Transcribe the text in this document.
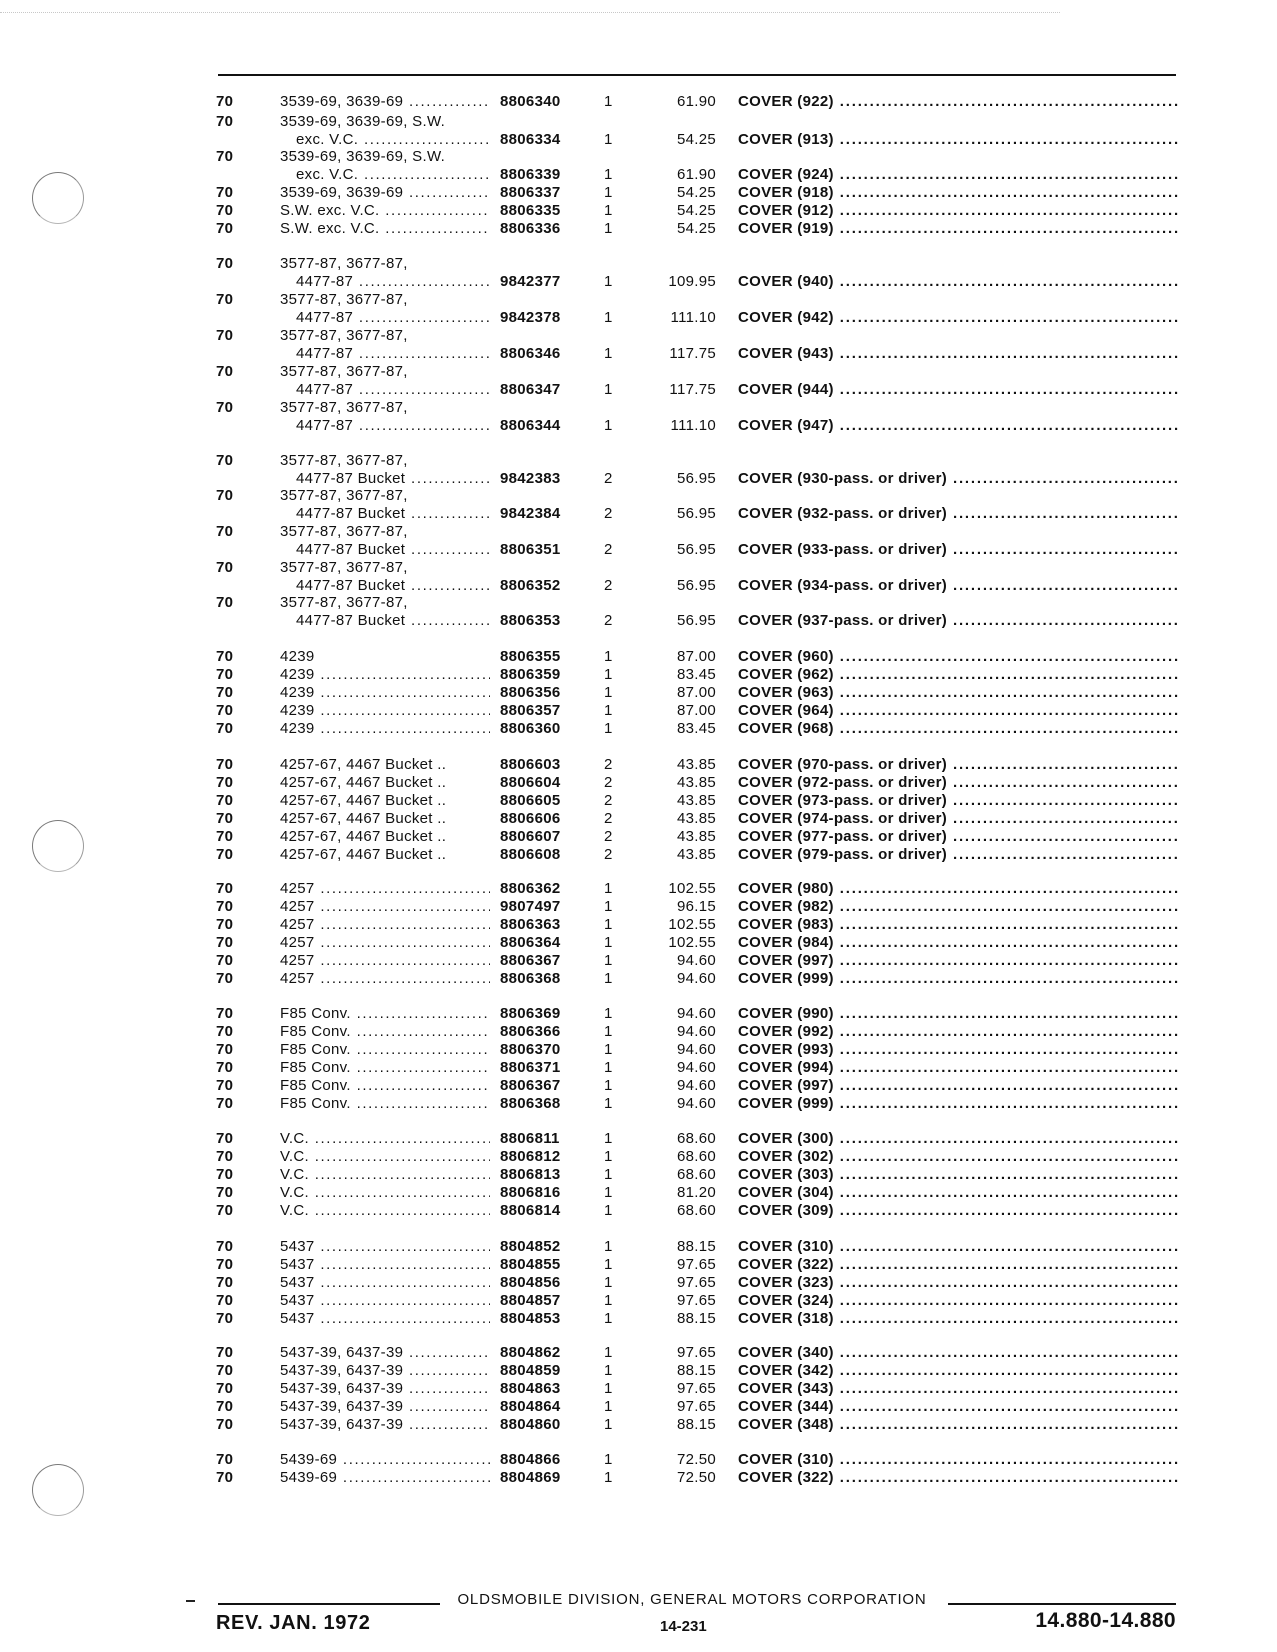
70	3539-69, 3639-69 .....	8806340	1	61.90 COVER (922) .....
70	3539-69, 3639-69, S.W.
exc. V.C. .....	8806334	1	54.25 COVER (913) .....
70	3539-69, 3639-69, S.W.
exc. V.C. .....	8806339	1	61.90 COVER (924) .....
70	3539-69, 3639-69 .....	8806337	1	54.25 COVER (918) .....
70	S.W. exc. V.C. .....	8806335	1	54.25 COVER (912) .....
70	S.W. exc. V.C. .....	8806336	1	54.25 COVER (919) .....
70	3577-87, 3677-87,
4477-87 .....	9842377	1	109.95 COVER (940) .....
70	3577-87, 3677-87,
4477-87 .....	9842378	1	111.10 COVER (942) .....
70	3577-87, 3677-87,
4477-87 .....	8806346	1	117.75 COVER (943) .....
70	3577-87, 3677-87,
4477-87 .....	8806347	1	117.75 COVER (944) .....
70	3577-87, 3677-87,
4477-87 .....	8806344	1	111.10 COVER (947) .....
70	3577-87, 3677-87,
4477-87 Bucket .....	9842383	2	56.95 COVER (930-pass. or driver) .....
70	3577-87, 3677-87,
4477-87 Bucket .....	9842384	2	56.95 COVER (932-pass. or driver) .....
70	3577-87, 3677-87,
4477-87 Bucket .....	8806351	2	56.95 COVER (933-pass. or driver) .....
70	3577-87, 3677-87,
4477-87 Bucket .....	8806352	2	56.95 COVER (934-pass. or driver) .....
70	3577-87, 3677-87,
4477-87 Bucket .....	8806353	2	56.95 COVER (937-pass. or driver) .....
70	4239	8806355	1	87.00 COVER (960) .....
70	4239 .....	8806359	1	83.45 COVER (962) .....
70	4239 .....	8806356	1	87.00 COVER (963) .....
70	4239 .....	8806357	1	87.00 COVER (964) .....
70	4239 .....	8806360	1	83.45 COVER (968) .....
70	4257-67, 4467 Bucket ..	8806603	2	43.85 COVER (970-pass. or driver) .....
70	4257-67, 4467 Bucket ..	8806604	2	43.85 COVER (972-pass. or driver) .....
70	4257-67, 4467 Bucket ..	8806605	2	43.85 COVER (973-pass. or driver) .....
70	4257-67, 4467 Bucket ..	8806606	2	43.85 COVER (974-pass. or driver) .....
70	4257-67, 4467 Bucket ..	8806607	2	43.85 COVER (977-pass. or driver) .....
70	4257-67, 4467 Bucket ..	8806608	2	43.85 COVER (979-pass. or driver) .....
70	4257 .....	8806362	1	102.55 COVER (980) .....
70	4257 .....	9807497	1	96.15 COVER (982) .....
70	4257 .....	8806363	1	102.55 COVER (983) .....
70	4257 .....	8806364	1	102.55 COVER (984) .....
70	4257 .....	8806367	1	94.60 COVER (997) .....
70	4257 .....	8806368	1	94.60 COVER (999) .....
70	F85 Conv. .....	8806369	1	94.60 COVER (990) .....
70	F85 Conv. .....	8806366	1	94.60 COVER (992) .....
70	F85 Conv. .....	8806370	1	94.60 COVER (993) .....
70	F85 Conv. .....	8806371	1	94.60 COVER (994) .....
70	F85 Conv. .....	8806367	1	94.60 COVER (997) .....
70	F85 Conv. .....	8806368	1	94.60 COVER (999) .....
70	V.C. .....	8806811	1	68.60 COVER (300) .....
70	V.C. .....	8806812	1	68.60 COVER (302) .....
70	V.C. .....	8806813	1	68.60 COVER (303) .....
70	V.C. .....	8806816	1	81.20 COVER (304) .....
70	V.C. .....	8806814	1	68.60 COVER (309) .....
70	5437 .....	8804852	1	88.15 COVER (310) .....
70	5437 .....	8804855	1	97.65 COVER (322) .....
70	5437 .....	8804856	1	97.65 COVER (323) .....
70	5437 .....	8804857	1	97.65 COVER (324) .....
70	5437 .....	8804853	1	88.15 COVER (318) .....
70	5437-39, 6437-39 .....	8804862	1	97.65 COVER (340) .....
70	5437-39, 6437-39 .....	8804859	1	88.15 COVER (342) .....
70	5437-39, 6437-39 .....	8804863	1	97.65 COVER (343) .....
70	5437-39, 6437-39 .....	8804864	1	97.65 COVER (344) .....
70	5437-39, 6437-39 .....	8804860	1	88.15 COVER (348) .....
70	5439-69 .....	8804866	1	72.50 COVER (310) .....
70	5439-69 .....	8804869	1	72.50 COVER (322) .....
OLDSMOBILE DIVISION, GENERAL MOTORS CORPORATION
REV. JAN. 1972	14-231	14.880-14.880
